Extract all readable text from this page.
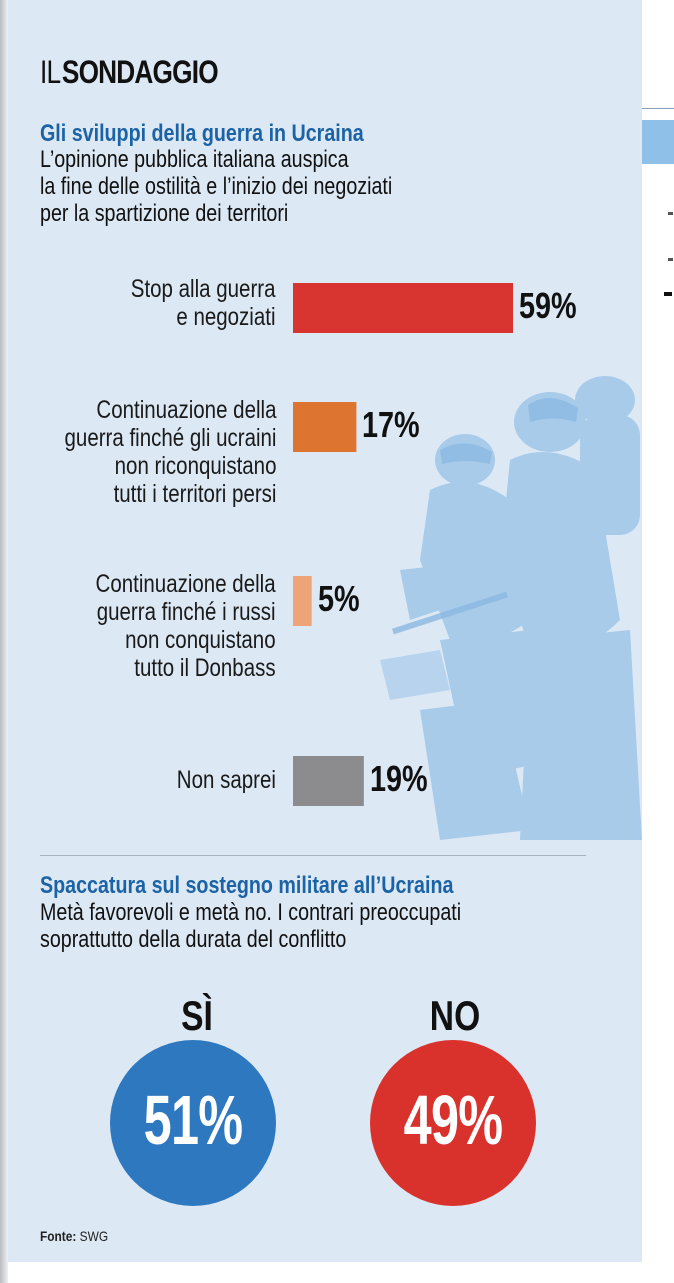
ILSONDAGGIO
Gli sviluppi della guerra in Ucraina
L’opinione pubblica italiana auspica
la fine delle ostilità e l’inizio dei negoziati
per la spartizione dei territori
59%
Stop alla guerra
e negoziati
17%
Continuazione della
guerra finché gli ucraini
non riconquistano
tutti i territori persi
5%
Continuazione della
guerra finché i russi
non conquistano
tutto il Donbass
19%
Non saprei
Spaccatura sul sostegno militare all’Ucraina
Metà favorevoli e metà no. I contrari preoccupati
soprattutto della durata del conflitto
SÌ	NO
51% 49%
Fonte: SWG
